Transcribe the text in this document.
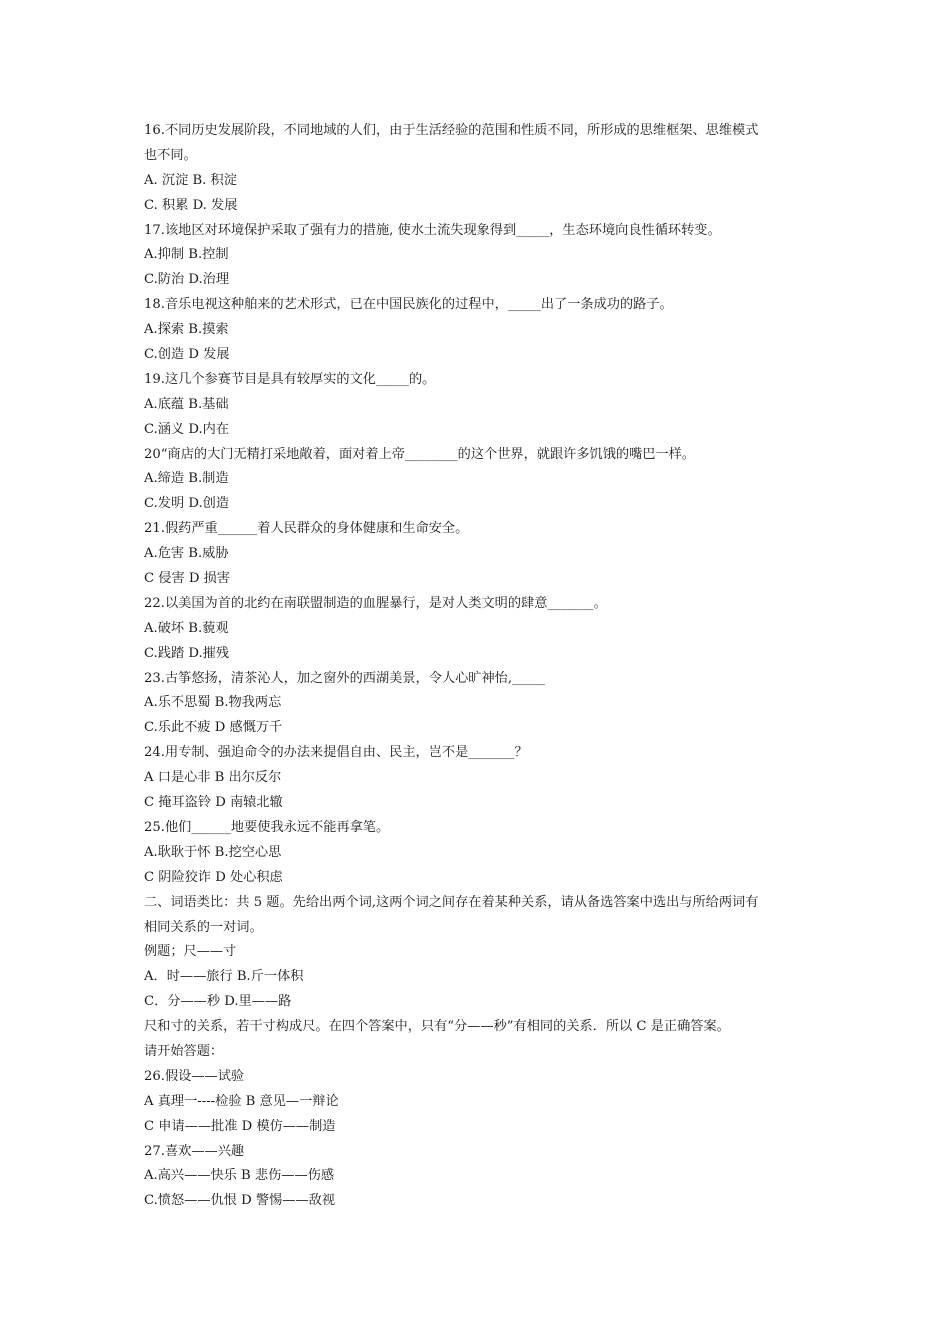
16.不同历史发展阶段，不同地域的人们，由于生活经验的范围和性质不同，所形成的思维框架、思维模式
也不同。
A. 沉淀 B. 积淀
C. 积累 D. 发展
17.该地区对环境保护采取了强有力的措施, 使水土流失现象得到_____，生态环境向良性循环转变。
A.抑制 B.控制
C.防治 D.治理
18.音乐电视这种舶来的艺术形式，已在中国民族化的过程中，_____出了一条成功的路子。
A.探索 B.摸索
C.创造 D 发展
19.这几个参赛节目是具有较厚实的文化_____的。
A.底蕴 B.基础
C.涵义 D.内在
20“商店的大门无精打采地敞着，面对着上帝________的这个世界，就跟许多饥饿的嘴巴一样。
A.缔造 B.制造
C.发明 D.创造
21.假药严重______着人民群众的身体健康和生命安全。
A.危害 B.威胁
C 侵害 D 损害
22.以美国为首的北约在南联盟制造的血腥暴行，是对人类文明的肆意_______。
A.破坏 B.藐观
C.践踏 D.摧残
23.古筝悠扬，清茶沁人，加之窗外的西湖美景，令人心旷神怡,_____
A.乐不思蜀 B.物我两忘
C.乐此不疲 D 感慨万千
24.用专制、强迫命令的办法来提倡自由、民主，岂不是_______？
A 口是心非 B 出尔反尔
C 掩耳盗铃 D 南辕北辙
25.他们______地要使我永远不能再拿笔。
A.耿耿于怀 B.挖空心思
C 阴险狡诈 D 处心积虑
二、词语类比：共 5 题。先给出两个词,这两个词之间存在着某种关系，请从备选答案中选出与所给两词有
相同关系的一对词。
例题；尺——寸
A．时——旅行 B.斤一体积
C．分——秒 D.里——路
尺和寸的关系，若干寸构成尺。在四个答案中，只有“分——秒”有相同的关系．所以 C 是正确答案。
请开始答题：
26.假设——试验
A 真理一----检验 B 意见—一辩论
C 申请——批准 D 模仿——制造
27.喜欢——兴趣
A.高兴——快乐 B 悲伤——伤感
C.愤怒——仇恨 D 警惕——敌视
